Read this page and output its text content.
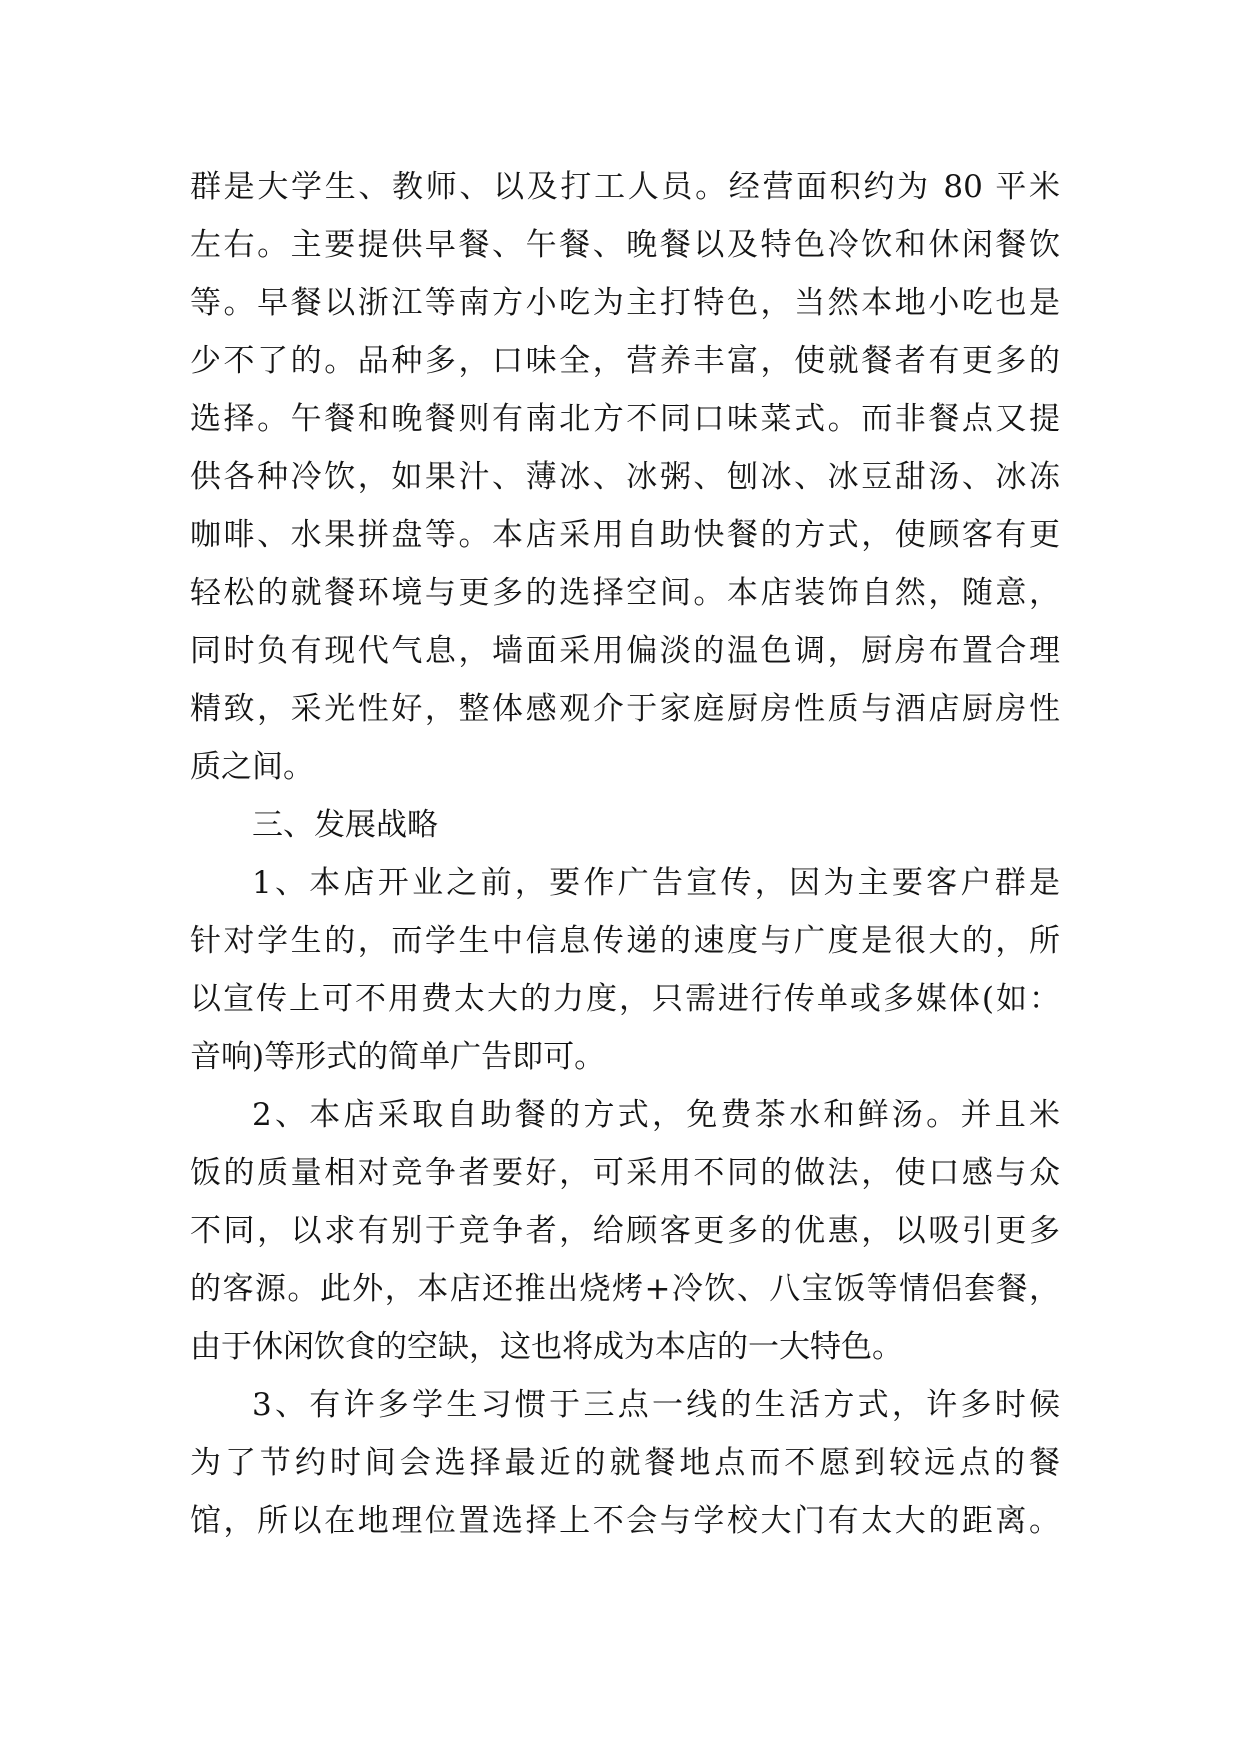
群是大学生、教师、以及打工人员。经营面积约为 80 平米
左右。主要提供早餐、午餐、晚餐以及特色冷饮和休闲餐饮
等。早餐以浙江等南方小吃为主打特色，当然本地小吃也是
少不了的。品种多，口味全，营养丰富，使就餐者有更多的
选择。午餐和晚餐则有南北方不同口味菜式。而非餐点又提
供各种冷饮，如果汁、薄冰、冰粥、刨冰、冰豆甜汤、冰冻
咖啡、水果拼盘等。本店采用自助快餐的方式，使顾客有更
轻松的就餐环境与更多的选择空间。本店装饰自然，随意，
同时负有现代气息，墙面采用偏淡的温色调，厨房布置合理
精致，采光性好，整体感观介于家庭厨房性质与酒店厨房性
质之间。
三、发展战略
1、本店开业之前，要作广告宣传，因为主要客户群是
针对学生的，而学生中信息传递的速度与广度是很大的，所
以宣传上可不用费太大的力度，只需进行传单或多媒体(如：
音响)等形式的简单广告即可。
2、本店采取自助餐的方式，免费茶水和鲜汤。并且米
饭的质量相对竞争者要好，可采用不同的做法，使口感与众
不同，以求有别于竞争者，给顾客更多的优惠，以吸引更多
的客源。此外，本店还推出烧烤+冷饮、八宝饭等情侣套餐，
由于休闲饮食的空缺，这也将成为本店的一大特色。
3、有许多学生习惯于三点一线的生活方式，许多时候
为了节约时间会选择最近的就餐地点而不愿到较远点的餐
馆，所以在地理位置选择上不会与学校大门有太大的距离。
